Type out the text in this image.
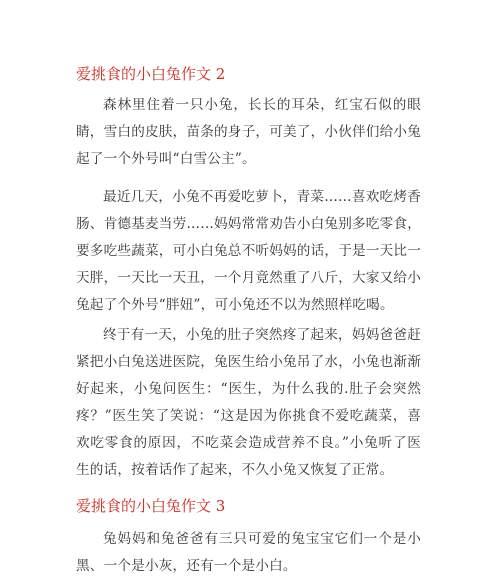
爱挑食的小白兔作文 2

森林里住着一只小兔，长长的耳朵，红宝石似的眼睛，雪白的皮肤，苗条的身子，可美了，小伙伴们给小兔起了一个外号叫“白雪公主”。

最近几天，小兔不再爱吃萝卜，青菜……喜欢吃烤香肠、肯德基麦当劳……妈妈常常劝告小白兔别多吃零食，要多吃些蔬菜，可小白兔总不听妈妈的话，于是一天比一天胖，一天比一天丑，一个月竟然重了八斤，大家又给小兔起了个外号“胖妞”，可小兔还不以为然照样吃喝。

终于有一天，小兔的肚子突然疼了起来，妈妈爸爸赶紧把小白兔送进医院，兔医生给小兔吊了水，小兔也渐渐好起来，小兔问医生：“医生，为什么我的.肚子会突然疼？”医生笑了笑说：“这是因为你挑食不爱吃蔬菜，喜欢吃零食的原因，不吃菜会造成营养不良。”小兔听了医生的话，按着话作了起来，不久小兔又恢复了正常。

爱挑食的小白兔作文 3

兔妈妈和兔爸爸有三只可爱的兔宝宝它们一个是小黑、一个是小灰，还有一个是小白。
